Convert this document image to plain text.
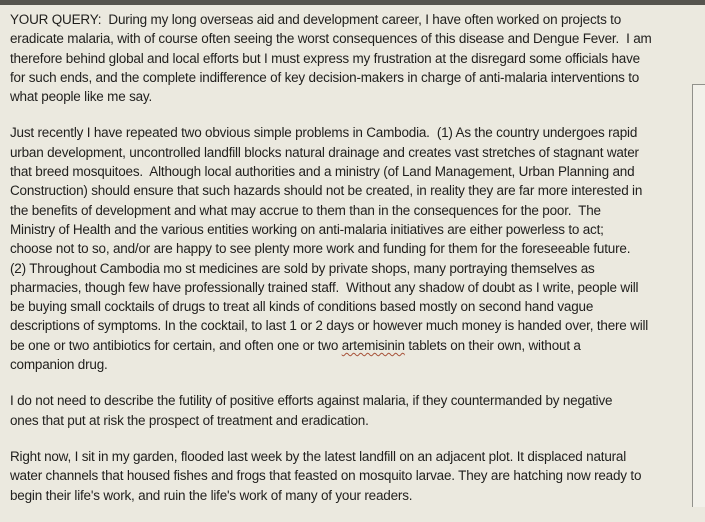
YOUR QUERY:  During my long overseas aid and development career, I have often worked on projects to
eradicate malaria, with of course often seeing the worst consequences of this disease and Dengue Fever.  I am
therefore behind global and local efforts but I must express my frustration at the disregard some officials have
for such ends, and the complete indifference of key decision-makers in charge of anti-malaria interventions to
what people like me say.

Just recently I have repeated two obvious simple problems in Cambodia.  (1) As the country undergoes rapid
urban development, uncontrolled landfill blocks natural drainage and creates vast stretches of stagnant water
that breed mosquitoes.  Although local authorities and a ministry (of Land Management, Urban Planning and
Construction) should ensure that such hazards should not be created, in reality they are far more interested in
the benefits of development and what may accrue to them than in the consequences for the poor.  The
Ministry of Health and the various entities working on anti-malaria initiatives are either powerless to act;
choose not to so, and/or are happy to see plenty more work and funding for them for the foreseeable future.
(2) Throughout Cambodia mo st medicines are sold by private shops, many portraying themselves as
pharmacies, though few have professionally trained staff.  Without any shadow of doubt as I write, people will
be buying small cocktails of drugs to treat all kinds of conditions based mostly on second hand vague
descriptions of symptoms. In the cocktail, to last 1 or 2 days or however much money is handed over, there will
be one or two antibiotics for certain, and often one or two artemisinin tablets on their own, without a
companion drug.

I do not need to describe the futility of positive efforts against malaria, if they countermanded by negative
ones that put at risk the prospect of treatment and eradication.

Right now, I sit in my garden, flooded last week by the latest landfill on an adjacent plot. It displaced natural
water channels that housed fishes and frogs that feasted on mosquito larvae. They are hatching now ready to
begin their life's work, and ruin the life's work of many of your readers.
